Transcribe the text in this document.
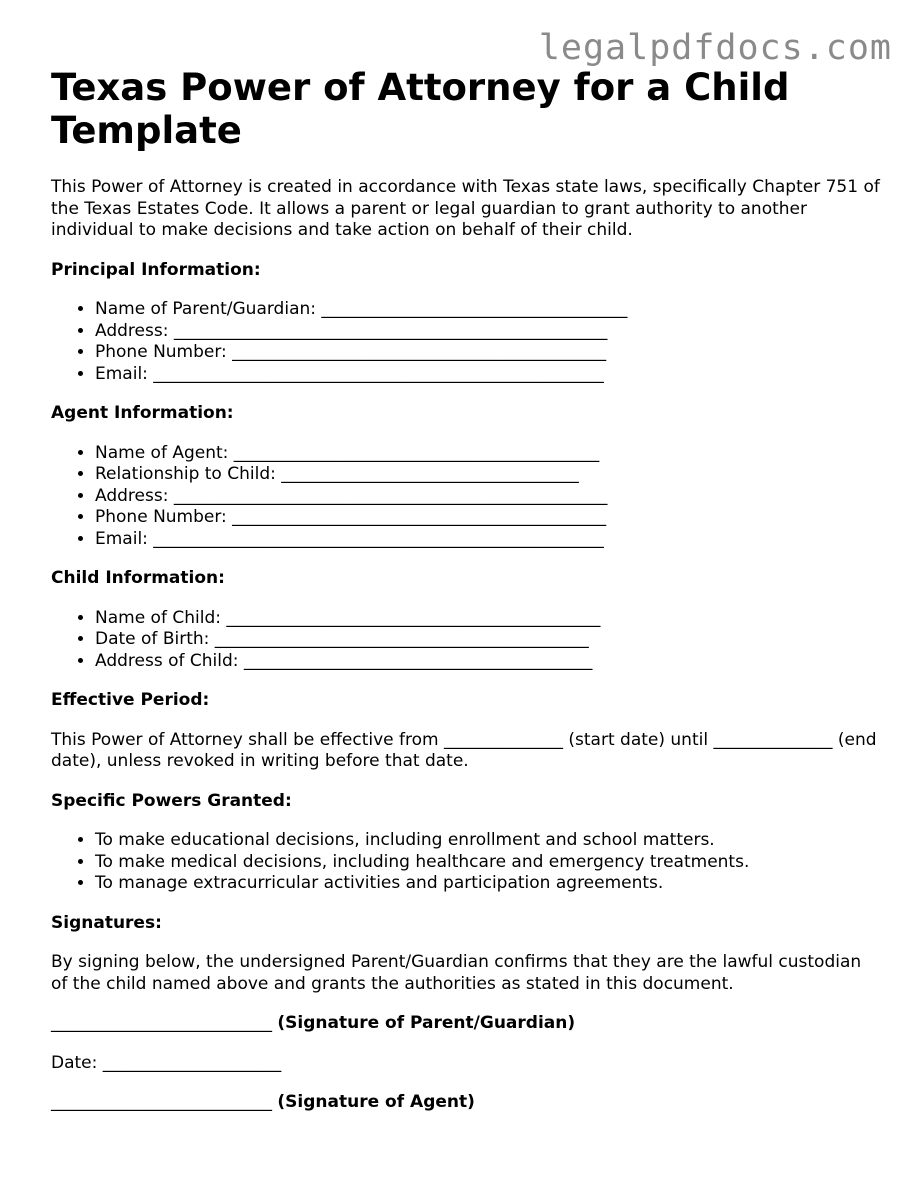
legalpdfdocs.com
Texas Power of Attorney for a Child Template

This Power of Attorney is created in accordance with Texas state laws, specifically Chapter 751 of the Texas Estates Code. It allows a parent or legal guardian to grant authority to another individual to make decisions and take action on behalf of their child.

Principal Information:
• Name of Parent/Guardian: ____________________________________
• Address: ___________________________________________________
• Phone Number: ____________________________________________
• Email: _____________________________________________________
Agent Information:
• Name of Agent: ___________________________________________
• Relationship to Child: ___________________________________
• Address: ___________________________________________________
• Phone Number: ____________________________________________
• Email: _____________________________________________________
Child Information:
• Name of Child: ____________________________________________
• Date of Birth: ____________________________________________
• Address of Child: _________________________________________
Effective Period:

This Power of Attorney shall be effective from ______________ (start date) until ______________ (end date), unless revoked in writing before that date.

Specific Powers Granted:
• To make educational decisions, including enrollment and school matters.
• To make medical decisions, including healthcare and emergency treatments.
• To manage extracurricular activities and participation agreements.
Signatures:

By signing below, the undersigned Parent/Guardian confirms that they are the lawful custodian of the child named above and grants the authorities as stated in this document.

__________________________ (Signature of Parent/Guardian)

Date: _____________________

__________________________ (Signature of Agent)
